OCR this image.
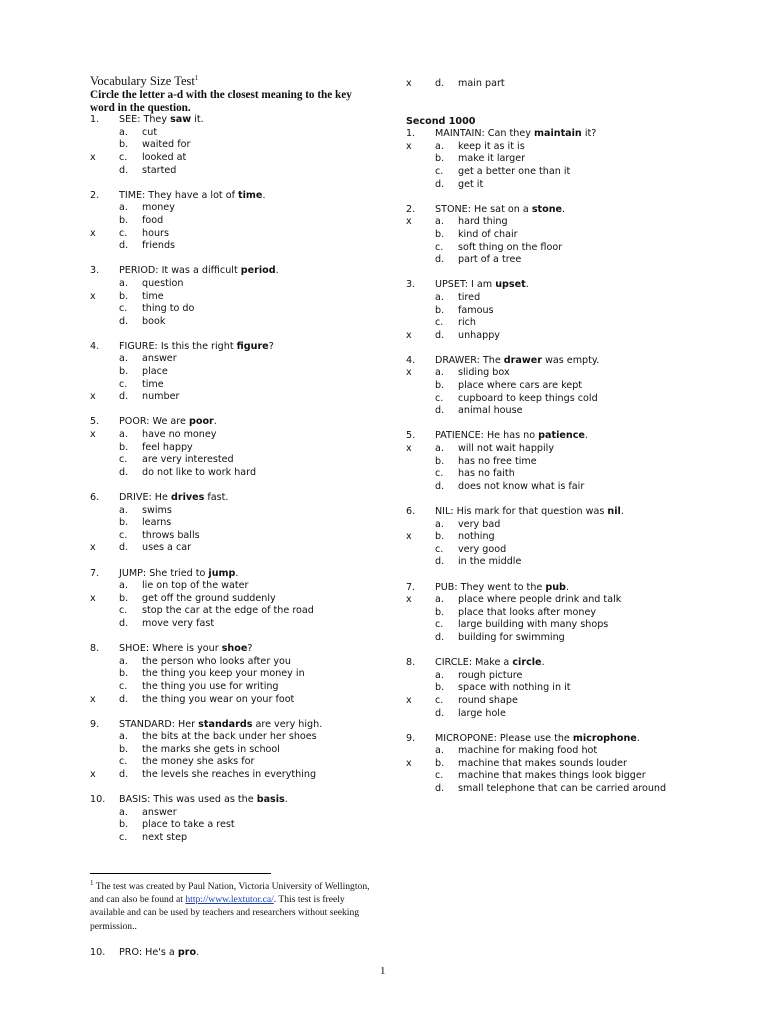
Vocabulary Size Test$^1$
Circle the letter a-d with the closest meaning to the key word in the question.
1. SEE: They saw it.
a. cut
b. waited for
x c. looked at
d. started
2. TIME: They have a lot of time.
a. money
b. food
x c. hours
d. friends
3. PERIOD: It was a difficult period.
a. question
x b. time
c. thing to do
d. book
4. FIGURE: Is this the right figure?
a. answer
b. place
c. time
x d. number
5. POOR: We are poor.
x a. have no money
b. feel happy
c. are very interested
d. do not like to work hard
6. DRIVE: He drives fast.
a. swims
b. learns
c. throws balls
x d. uses a car
7. JUMP: She tried to jump.
a. lie on top of the water
x b. get off the ground suddenly
c. stop the car at the edge of the road
d. move very fast
8. SHOE: Where is your shoe?
a. the person who looks after you
b. the thing you keep your money in
c. the thing you use for writing
x d. the thing you wear on your foot
9. STANDARD: Her standards are very high.
a. the bits at the back under her shoes
b. the marks she gets in school
c. the money she asks for
x d. the levels she reaches in everything
10. BASIS: This was used as the basis.
a. answer
b. place to take a rest
c. next step
x d. main part
Second 1000
1. MAINTAIN: Can they maintain it?
x a. keep it as it is
b. make it larger
c. get a better one than it
d. get it
2. STONE: He sat on a stone.
x a. hard thing
b. kind of chair
c. soft thing on the floor
d. part of a tree
3. UPSET: I am upset.
a. tired
b. famous
c. rich
x d. unhappy
4. DRAWER: The drawer was empty.
x a. sliding box
b. place where cars are kept
c. cupboard to keep things cold
d. animal house
5. PATIENCE: He has no patience.
x a. will not wait happily
b. has no free time
c. has no faith
d. does not know what is fair
6. NIL: His mark for that question was nil.
a. very bad
x b. nothing
c. very good
d. in the middle
7. PUB: They went to the pub.
x a. place where people drink and talk
b. place that looks after money
c. large building with many shops
d. building for swimming
8. CIRCLE: Make a circle.
a. rough picture
b. space with nothing in it
x c. round shape
d. large hole
9. MICROPONE: Please use the microphone.
a. machine for making food hot
x b. machine that makes sounds louder
c. machine that makes things look bigger
d. small telephone that can be carried around
$^1$ The test was created by Paul Nation, Victoria University of Wellington, and can also be found at http://www.lextutor.ca/. This test is freely available and can be used by teachers and researchers without seeking permission..
10. PRO: He's a pro.
1
